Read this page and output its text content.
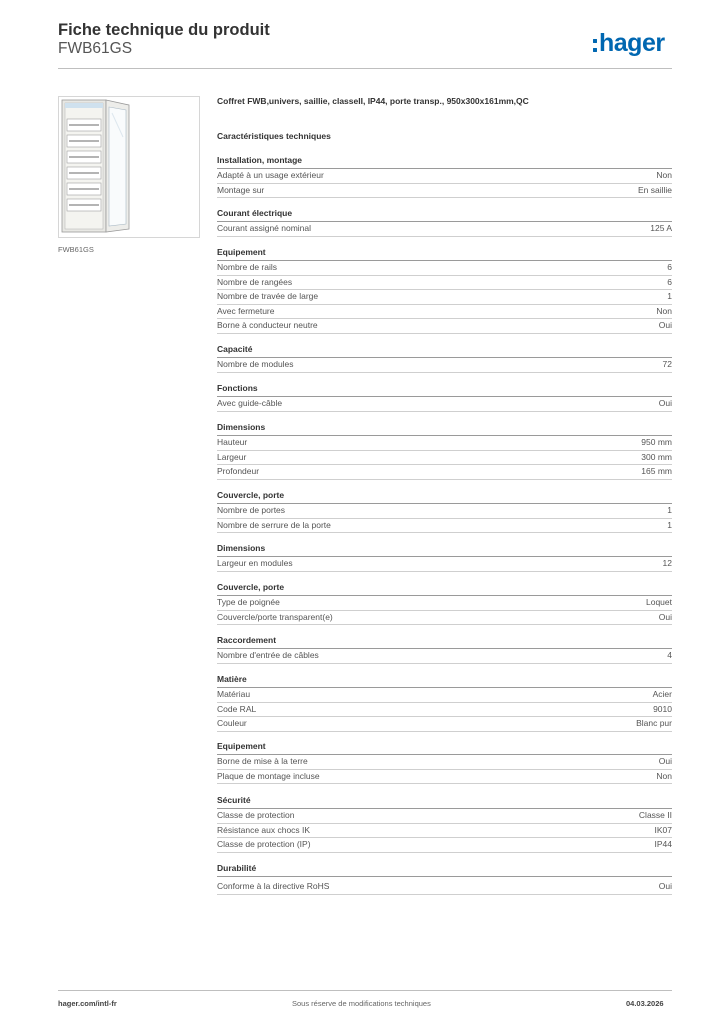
Fiche technique du produit
FWB61GS	hager
FWB61GS
Coffret FWB,univers, saillie, classeII, IP44, porte transp., 950x300x161mm,QC
Caractéristiques techniques
Installation, montage
Adapté à un usage extérieur	Non
Montage sur	En saillie
Courant électrique
Courant assigné nominal	125 A
Equipement
Nombre de rails	6
Nombre de rangées	6
Nombre de travée de large	1
Avec fermeture	Non
Borne à conducteur neutre	Oui
Capacité
Nombre de modules	72
Fonctions
Avec guide-câble	Oui
Dimensions
Hauteur	950 mm
Largeur	300 mm
Profondeur	165 mm
Couvercle, porte
Nombre de portes	1
Nombre de serrure de la porte	1
Dimensions
Largeur en modules	12
Couvercle, porte
Type de poignée	Loquet
Couvercle/porte transparent(e)	Oui
Raccordement
Nombre d'entrée de câbles	4
Matière
Matériau	Acier
Code RAL	9010
Couleur	Blanc pur
Equipement
Borne de mise à la terre	Oui
Plaque de montage incluse	Non
Sécurité
Classe de protection	Classe II
Résistance aux chocs IK	IK07
Classe de protection (IP)	IP44
Durabilité
Conforme à la directive RoHS	Oui
hager.com/intl-fr	Sous réserve de modifications techniques	04.03.2026
